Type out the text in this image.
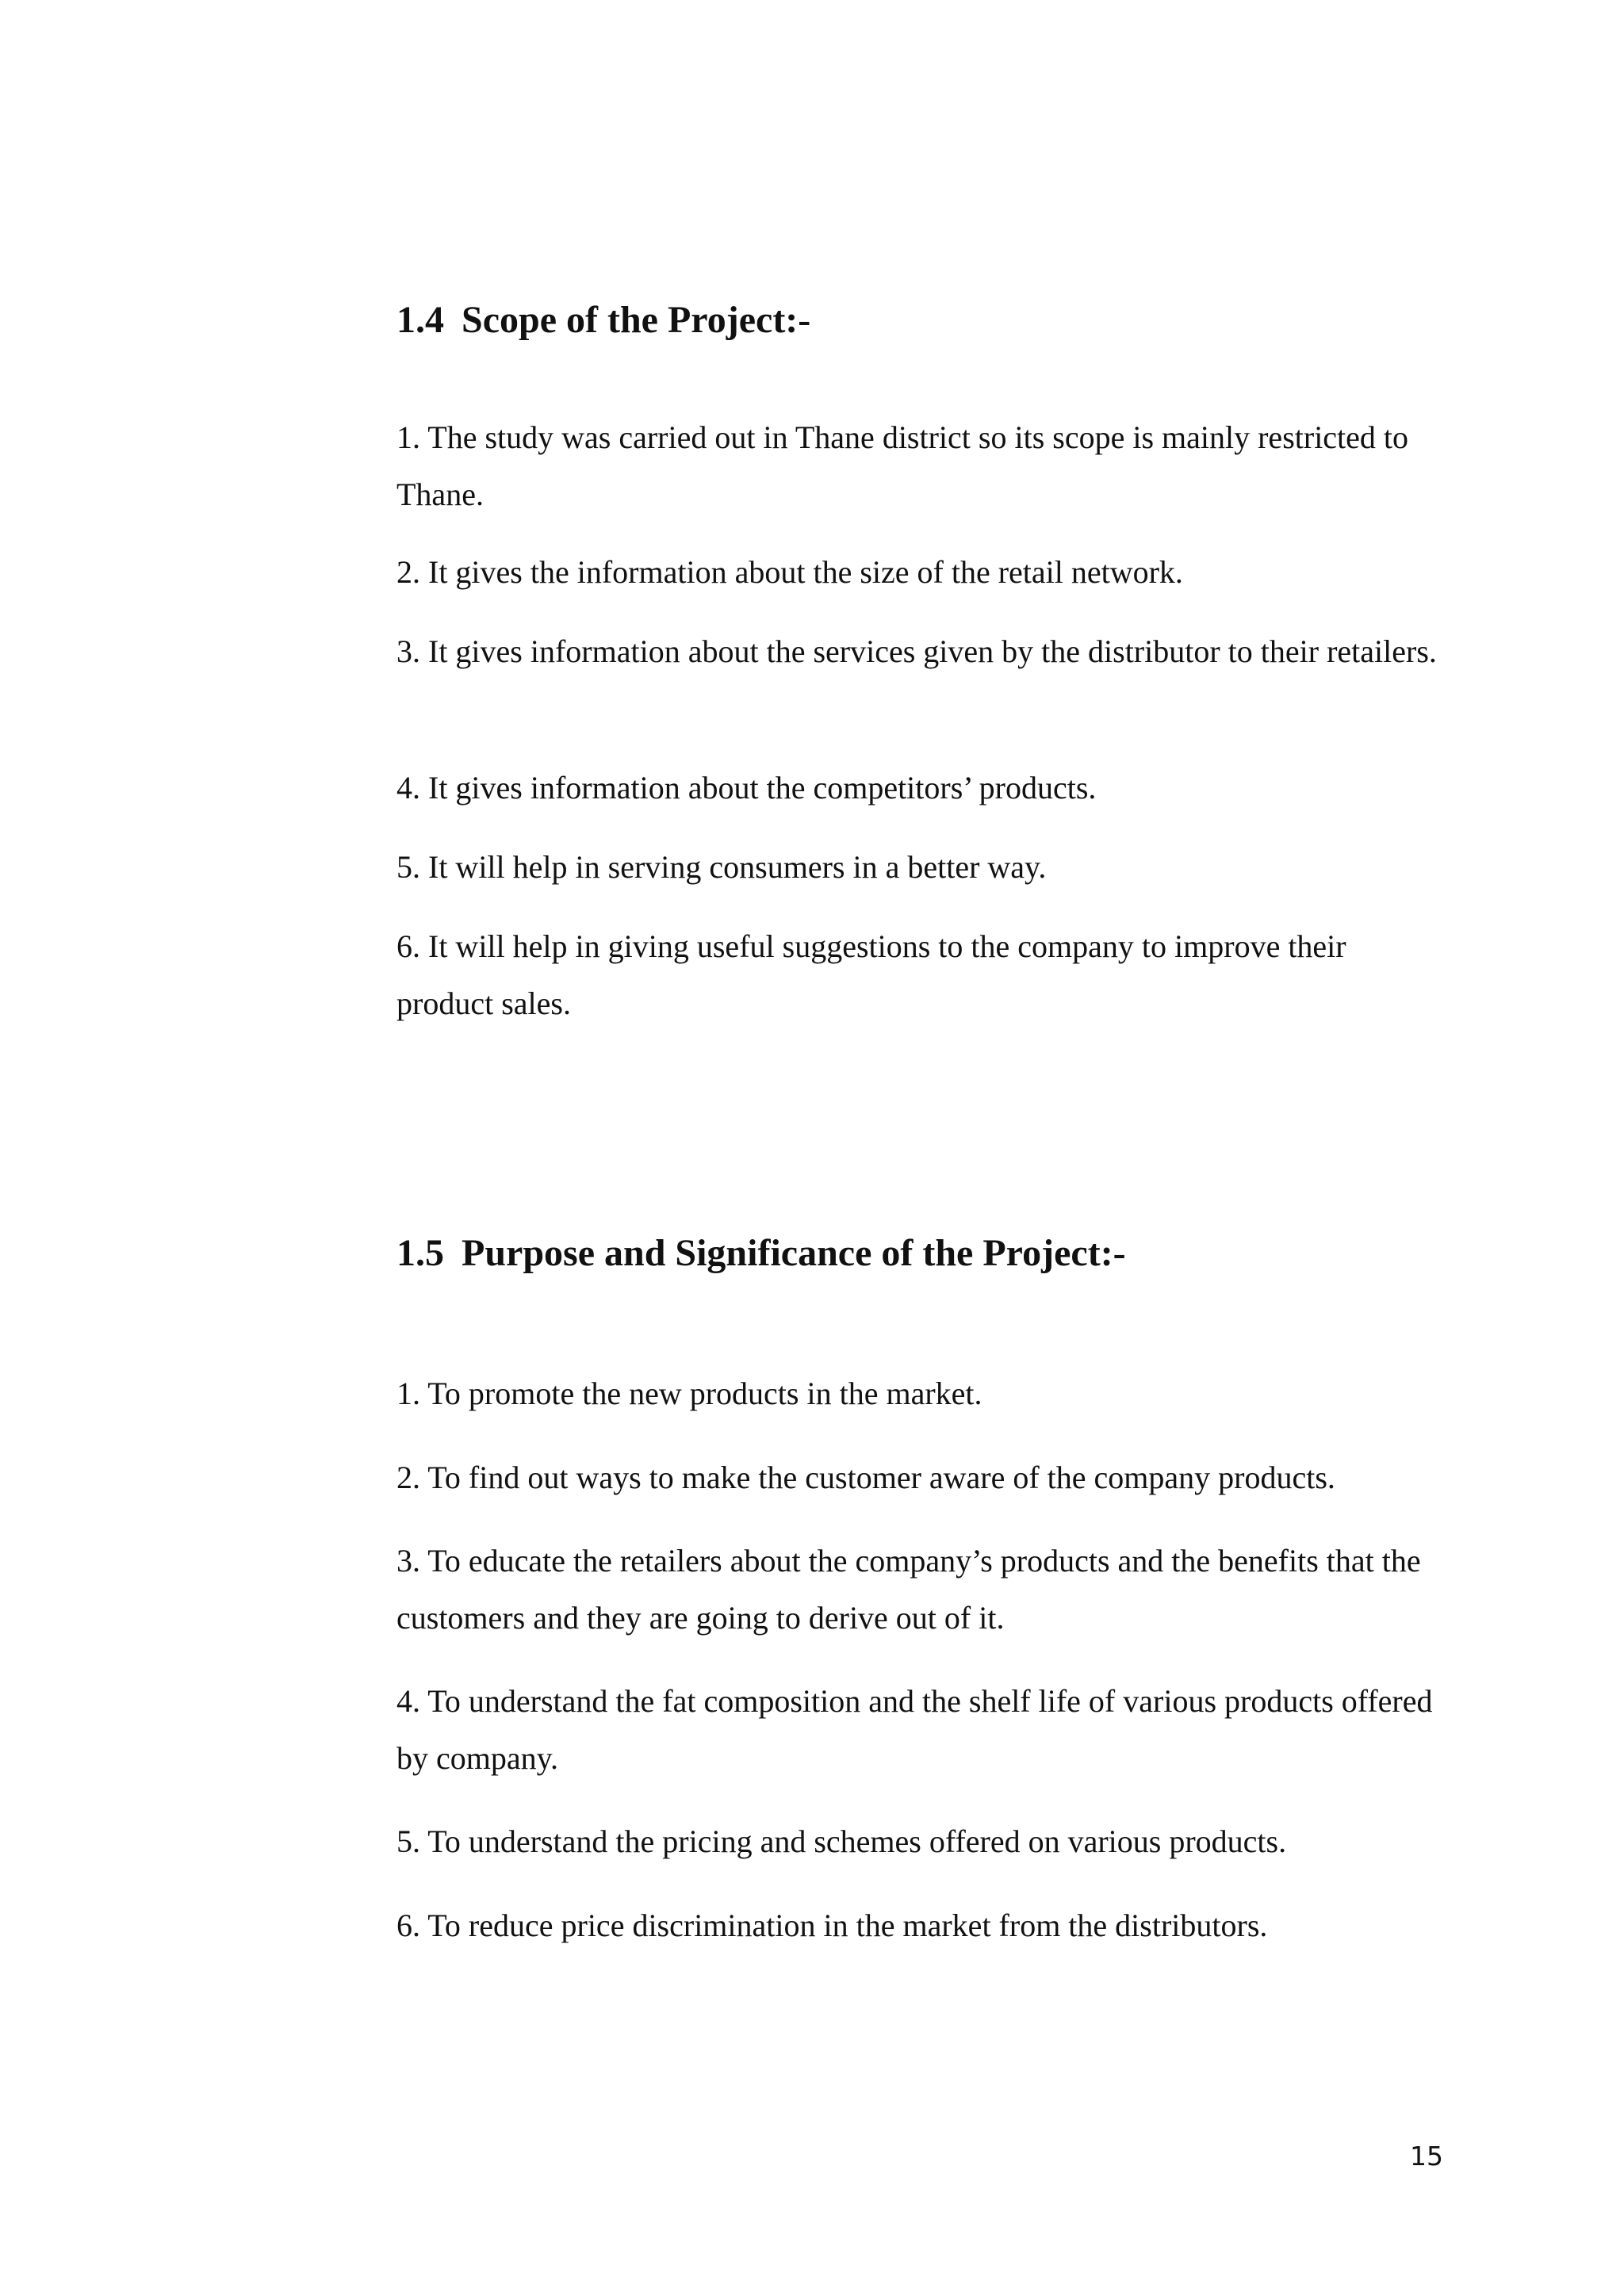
1.4 Scope of the Project:-

1. The study was carried out in Thane district so its scope is mainly restricted to Thane.

2. It gives the information about the size of the retail network.

3. It gives information about the services given by the distributor to their retailers.

4. It gives information about the competitors’ products.

5. It will help in serving consumers in a better way.

6. It will help in giving useful suggestions to the company to improve their product sales.

1.5 Purpose and Significance of the Project:-

1. To promote the new products in the market.

2. To find out ways to make the customer aware of the company products.

3. To educate the retailers about the company’s products and the benefits that the customers and they are going to derive out of it.

4. To understand the fat composition and the shelf life of various products offered by company.

5. To understand the pricing and schemes offered on various products.

6. To reduce price discrimination in the market from the distributors.

15
